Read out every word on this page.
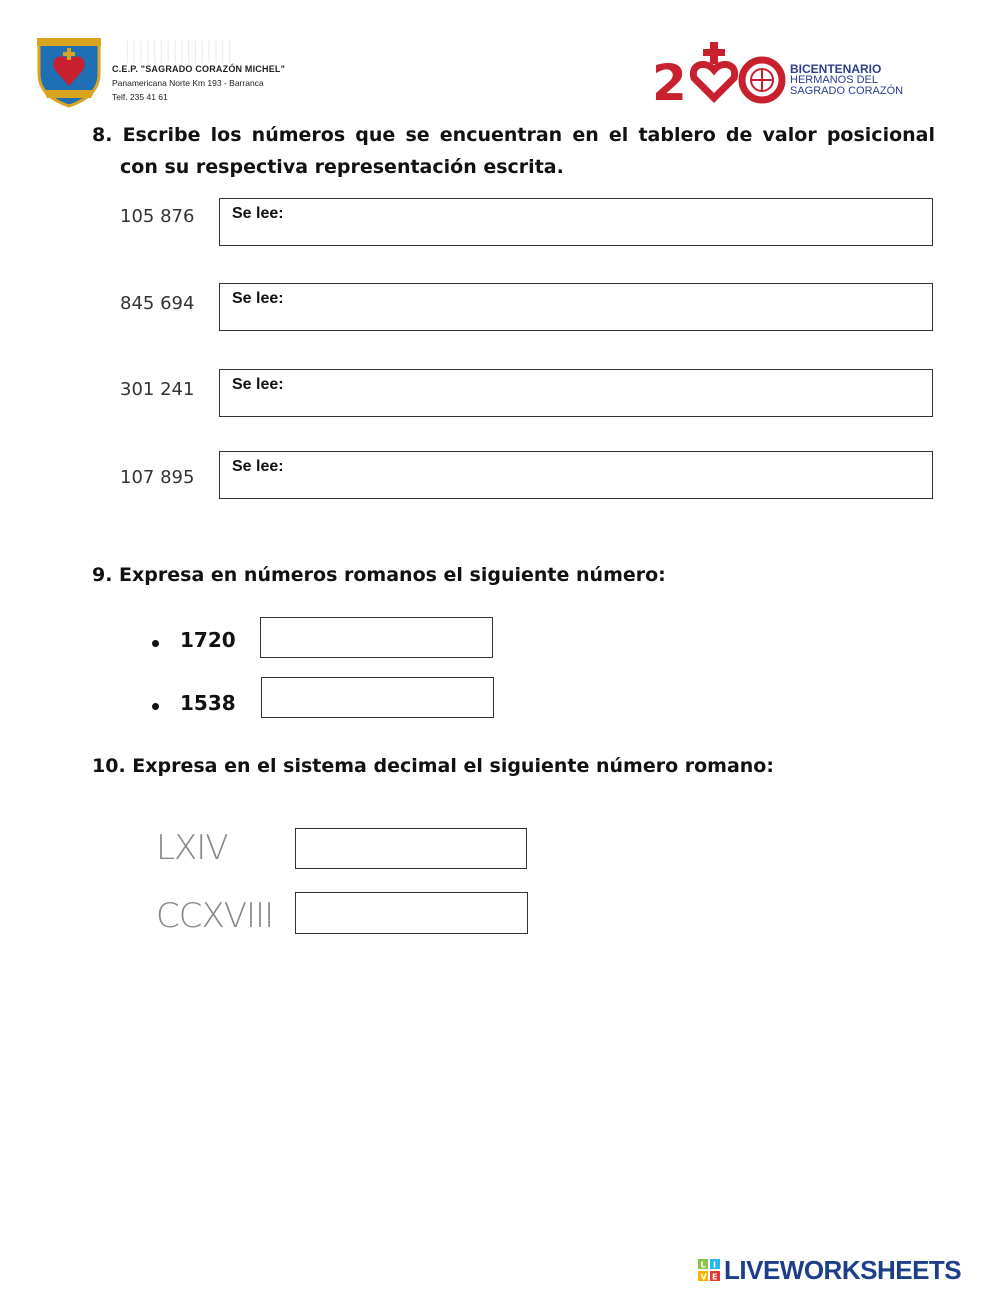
||||||||||||||||
C.E.P. "SAGRADO CORAZÓN MICHEL"
Panamericana Norte Km 193 - Barranca
Telf. 235 41 61	2	BICENTENARIO
HERMANOS DEL
SAGRADO CORAZÓN
8. Escribe los números que se encuentran en el tablero de valor posicional
con su respectiva representación escrita.
105 876 Se lee:
845 694 Se lee:
301 241 Se lee:
107 895
Se lee:
9. Expresa en números romanos el siguiente número:
1720
1538
10. Expresa en el sistema decimal el siguiente número romano:
LXIV
CCXVIII
L I
V E LIVEWORKSHEETS
